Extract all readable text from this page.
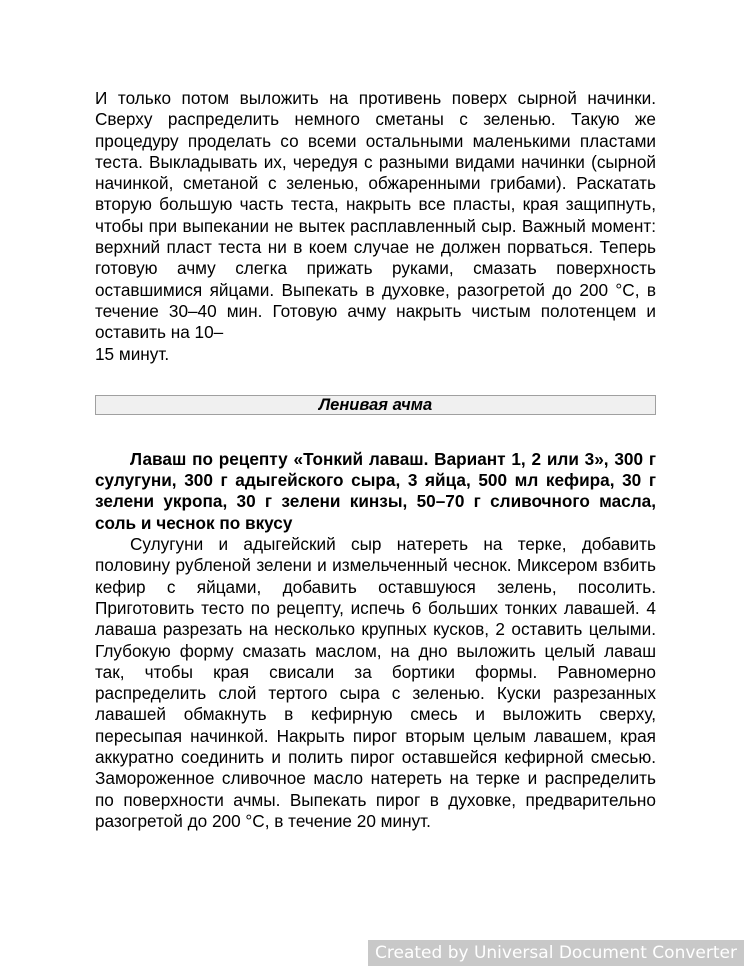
И только потом выложить на противень поверх сырной начинки. Сверху распределить немного сметаны с зеленью. Такую же процедуру проделать со всеми остальными маленькими пластами теста. Выкладывать их, чередуя с разными видами начинки (сырной начинкой, сметаной с зеленью, обжаренными грибами). Раскатать вторую большую часть теста, накрыть все пласты, края защипнуть, чтобы при выпекании не вытек расплавленный сыр. Важный момент: верхний пласт теста ни в коем случае не должен порваться. Теперь готовую ачму слегка прижать руками, смазать поверхность оставшимися яйцами. Выпекать в духовке, разогретой до 200 °C, в течение 30–40 мин. Готовую ачму накрыть чистым полотенцем и оставить на 10–
15 минут.

Ленивая ачма

Лаваш по рецепту «Тонкий лаваш. Вариант 1, 2 или 3», 300 г сулугуни, 300 г адыгейского сыра, 3 яйца, 500 мл кефира, 30 г зелени укропа, 30 г зелени кинзы, 50–70 г сливочного масла, соль и чеснок по вкусу

Сулугуни и адыгейский сыр натереть на терке, добавить половину рубленой зелени и измельченный чеснок. Миксером взбить кефир с яйцами, добавить оставшуюся зелень, посолить. Приготовить тесто по рецепту, испечь 6 больших тонких лавашей. 4 лаваша разрезать на несколько крупных кусков, 2 оставить целыми. Глубокую форму смазать маслом, на дно выложить целый лаваш так, чтобы края свисали за бортики формы. Равномерно распределить слой тертого сыра с зеленью. Куски разрезанных лавашей обмакнуть в кефирную смесь и выложить сверху, пересыпая начинкой. Накрыть пирог вторым целым лавашем, края аккуратно соединить и полить пирог оставшейся кефирной смесью. Замороженное сливочное масло натереть на терке и распределить по поверхности ачмы. Выпекать пирог в духовке, предварительно разогретой до 200 °C, в течение 20 минут.

Created by Universal Document Converter
